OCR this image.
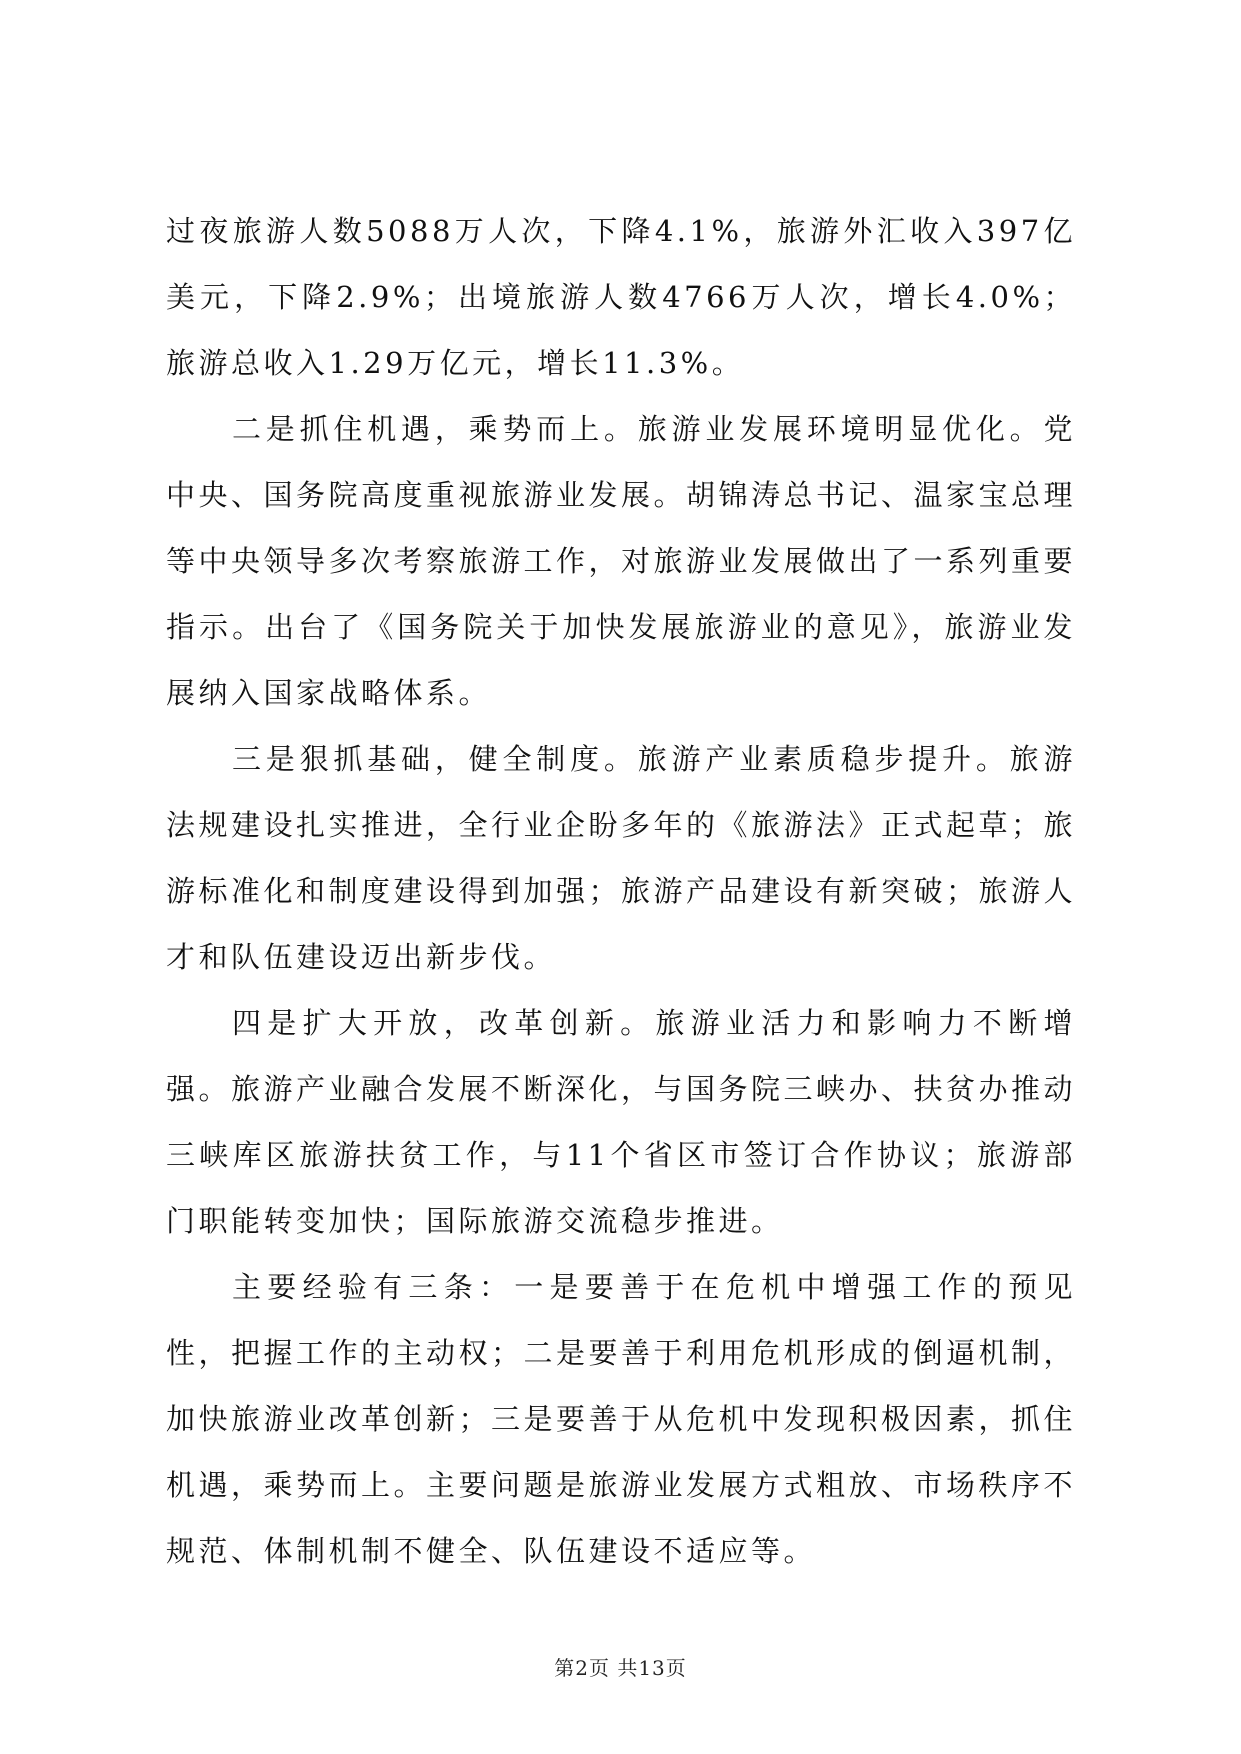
过夜旅游人数5088万人次，下降4.1%，旅游外汇收入397亿美元，下降2.9%；出境旅游人数4766万人次，增长4.0%；旅游总收入1.29万亿元，增长11.3%。

二是抓住机遇，乘势而上。旅游业发展环境明显优化。党中央、国务院高度重视旅游业发展。胡锦涛总书记、温家宝总理等中央领导多次考察旅游工作，对旅游业发展做出了一系列重要指示。出台了《国务院关于加快发展旅游业的意见》，旅游业发展纳入国家战略体系。

三是狠抓基础，健全制度。旅游产业素质稳步提升。旅游法规建设扎实推进，全行业企盼多年的《旅游法》正式起草；旅游标准化和制度建设得到加强；旅游产品建设有新突破；旅游人才和队伍建设迈出新步伐。

四是扩大开放，改革创新。旅游业活力和影响力不断增强。旅游产业融合发展不断深化，与国务院三峡办、扶贫办推动三峡库区旅游扶贫工作，与11个省区市签订合作协议；旅游部门职能转变加快；国际旅游交流稳步推进。

主要经验有三条：一是要善于在危机中增强工作的预见性，把握工作的主动权；二是要善于利用危机形成的倒逼机制，加快旅游业改革创新；三是要善于从危机中发现积极因素，抓住机遇，乘势而上。主要问题是旅游业发展方式粗放、市场秩序不规范、体制机制不健全、队伍建设不适应等。

第2页 共13页
